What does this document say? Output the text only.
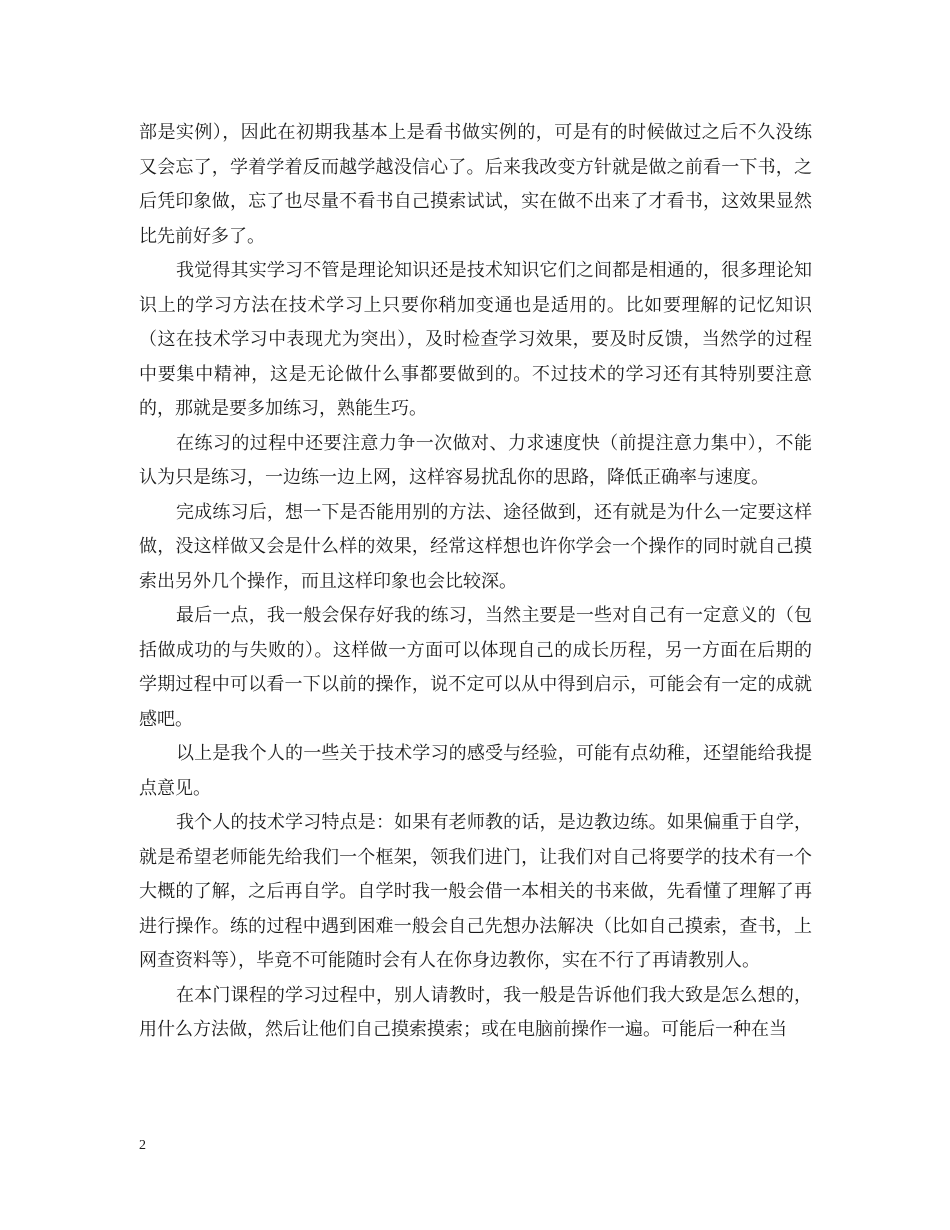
部是实例），因此在初期我基本上是看书做实例的，可是有的时候做过之后不久没练又会忘了，学着学着反而越学越没信心了。后来我改变方针就是做之前看一下书，之后凭印象做，忘了也尽量不看书自己摸索试试，实在做不出来了才看书，这效果显然比先前好多了。

我觉得其实学习不管是理论知识还是技术知识它们之间都是相通的，很多理论知识上的学习方法在技术学习上只要你稍加变通也是适用的。比如要理解的记忆知识（这在技术学习中表现尤为突出），及时检查学习效果，要及时反馈，当然学的过程中要集中精神，这是无论做什么事都要做到的。不过技术的学习还有其特别要注意的，那就是要多加练习，熟能生巧。

在练习的过程中还要注意力争一次做对、力求速度快（前提注意力集中），不能认为只是练习，一边练一边上网，这样容易扰乱你的思路，降低正确率与速度。

完成练习后，想一下是否能用别的方法、途径做到，还有就是为什么一定要这样做，没这样做又会是什么样的效果，经常这样想也许你学会一个操作的同时就自己摸索出另外几个操作，而且这样印象也会比较深。

最后一点，我一般会保存好我的练习，当然主要是一些对自己有一定意义的（包括做成功的与失败的）。这样做一方面可以体现自己的成长历程，另一方面在后期的学期过程中可以看一下以前的操作，说不定可以从中得到启示，可能会有一定的成就感吧。

以上是我个人的一些关于技术学习的感受与经验，可能有点幼稚，还望能给我提点意见。

我个人的技术学习特点是：如果有老师教的话，是边教边练。如果偏重于自学，就是希望老师能先给我们一个框架，领我们进门，让我们对自己将要学的技术有一个大概的了解，之后再自学。自学时我一般会借一本相关的书来做，先看懂了理解了再进行操作。练的过程中遇到困难一般会自己先想办法解决（比如自己摸索，查书，上网查资料等），毕竟不可能随时会有人在你身边教你，实在不行了再请教别人。

在本门课程的学习过程中，别人请教时，我一般是告诉他们我大致是怎么想的，用什么方法做，然后让他们自己摸索摸索；或在电脑前操作一遍。可能后一种在当

2
